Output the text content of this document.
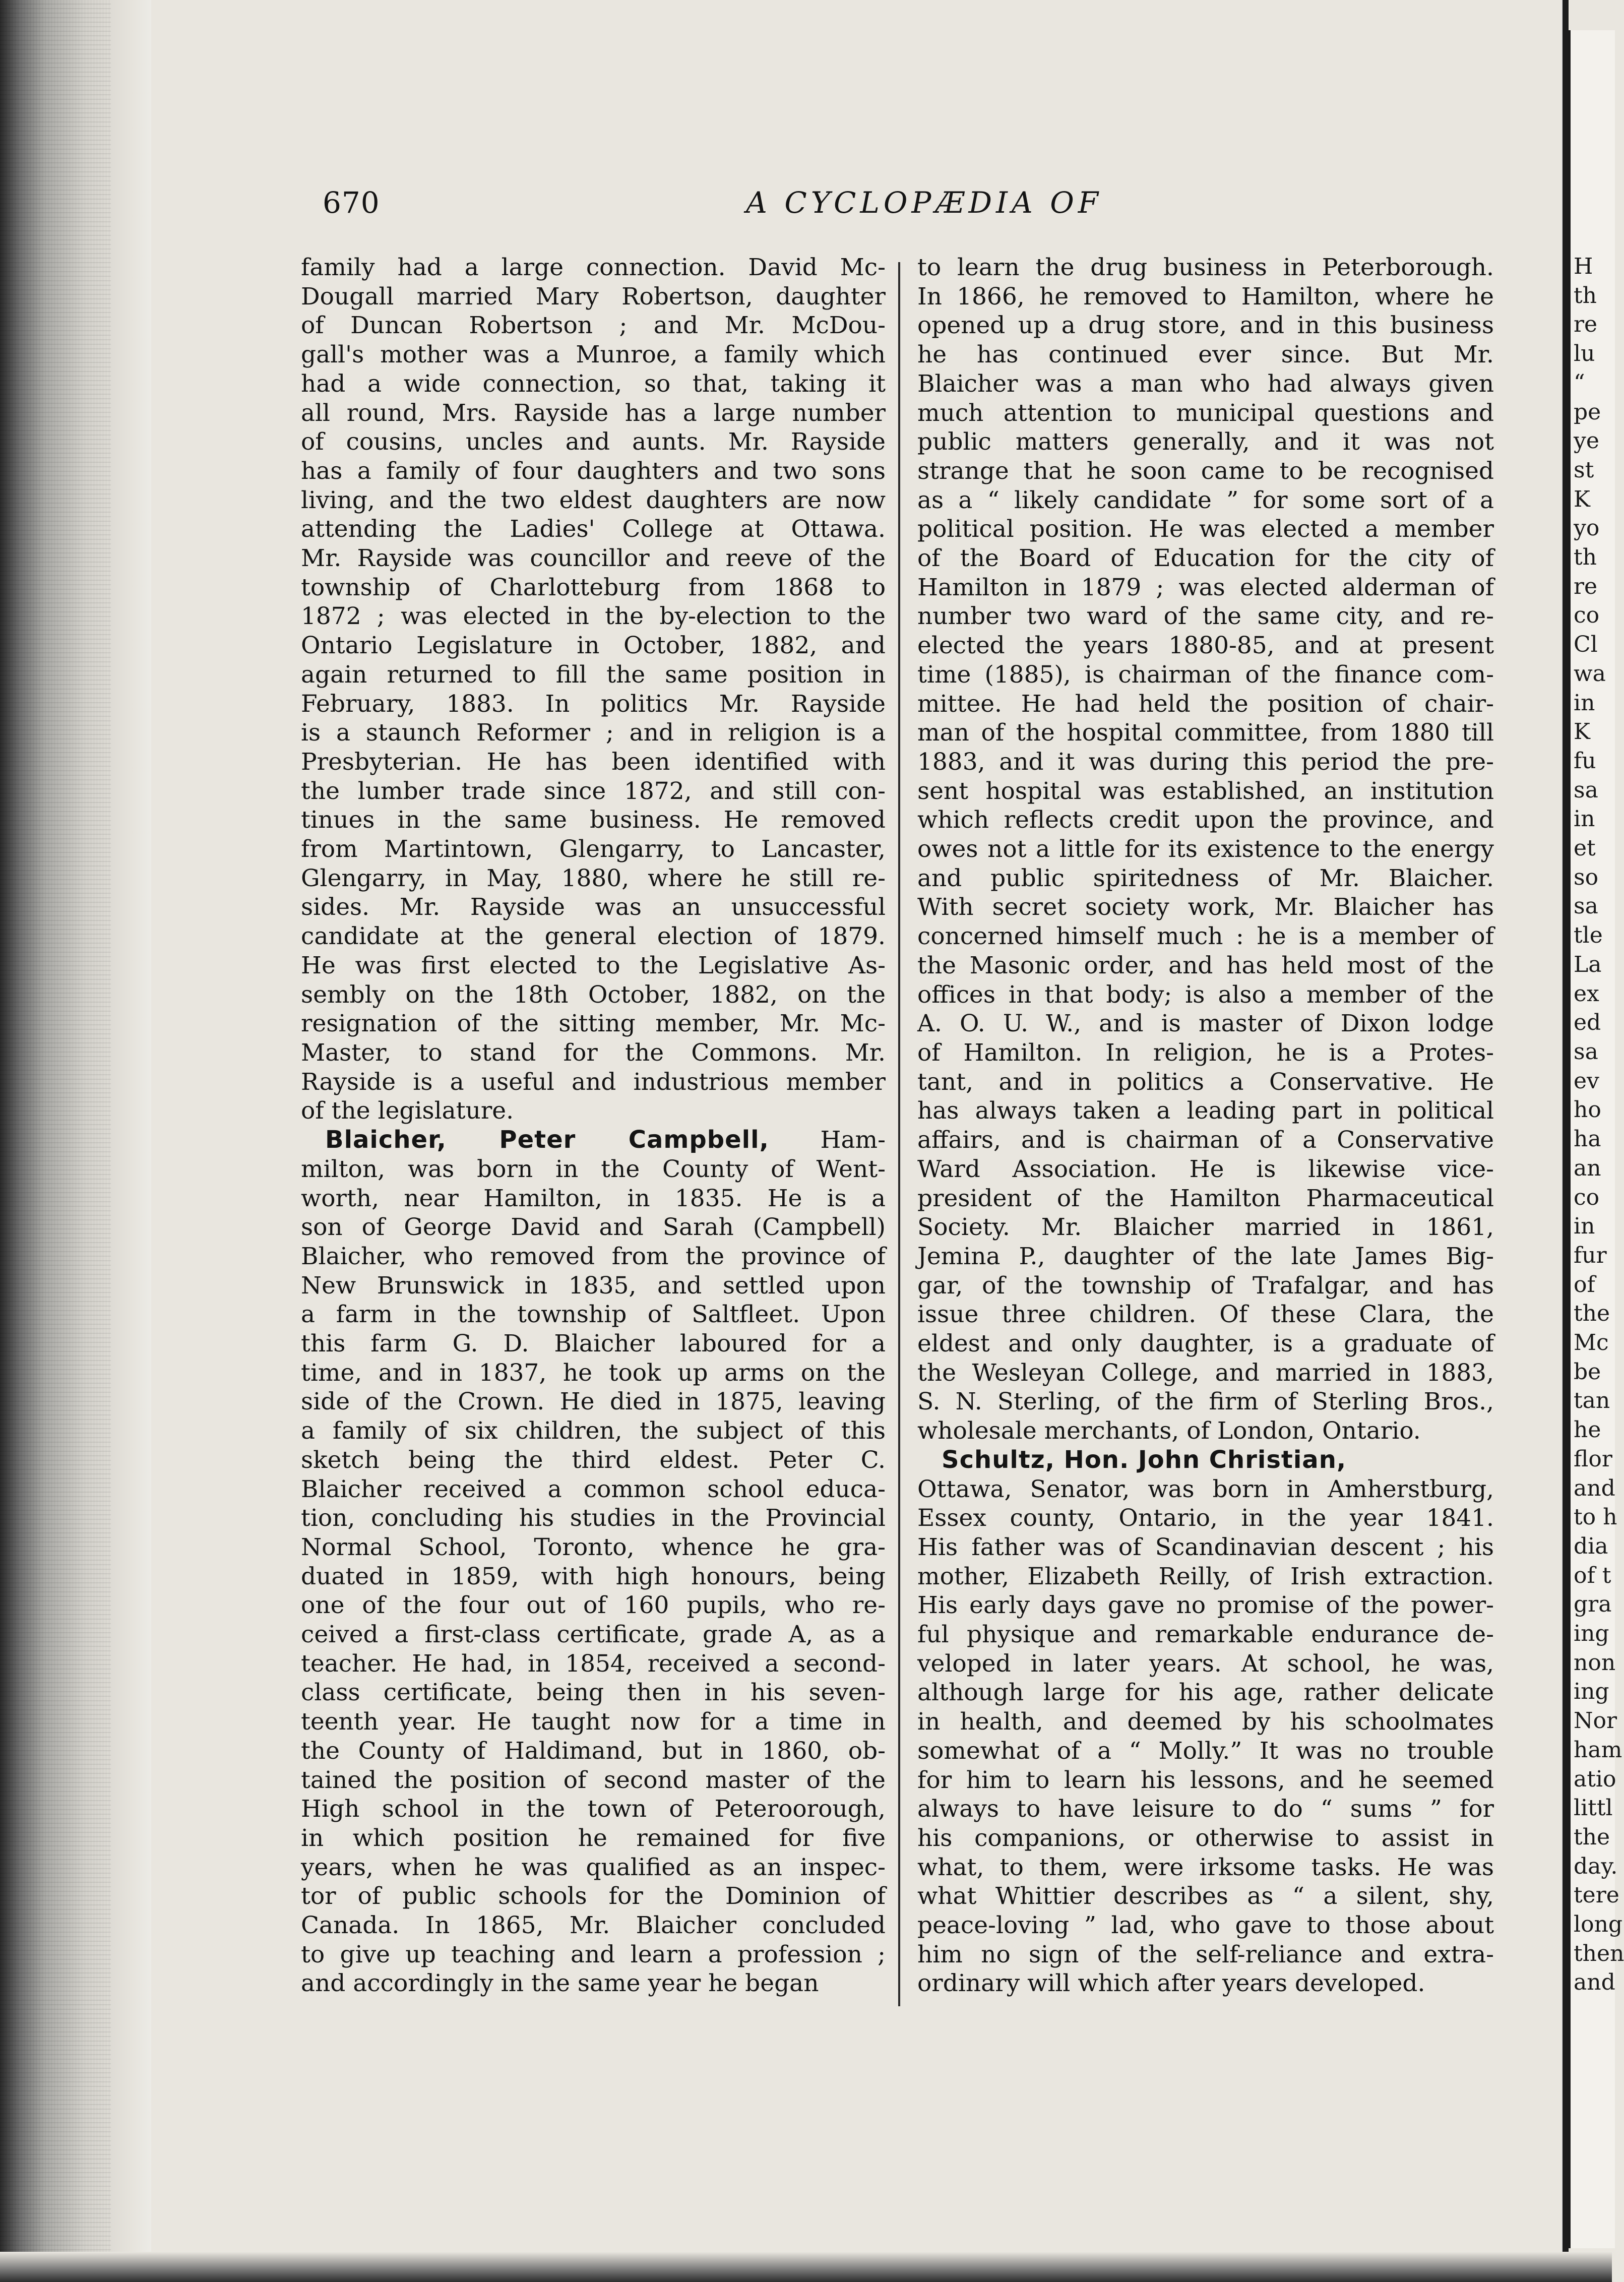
670	A CYCLOPÆDIA OF
family had a large connection. David Mc-
Dougall married Mary Robertson, daughter
of Duncan Robertson ; and Mr. McDou-
gall's mother was a Munroe, a family which
had a wide connection, so that, taking it
all round, Mrs. Rayside has a large number
of cousins, uncles and aunts. Mr. Rayside
has a family of four daughters and two sons
living, and the two eldest daughters are now
attending the Ladies' College at Ottawa.
Mr. Rayside was councillor and reeve of the
township of Charlotteburg from 1868 to
1872 ; was elected in the by-election to the
Ontario Legislature in October, 1882, and
again returned to fill the same position in
February, 1883. In politics Mr. Rayside
is a staunch Reformer ; and in religion is a
Presbyterian. He has been identified with
the lumber trade since 1872, and still con-
tinues in the same business. He removed
from Martintown, Glengarry, to Lancaster,
Glengarry, in May, 1880, where he still re-
sides. Mr. Rayside was an unsuccessful
candidate at the general election of 1879.
He was first elected to the Legislative As-
sembly on the 18th October, 1882, on the
resignation of the sitting member, Mr. Mc-
Master, to stand for the Commons. Mr.
Rayside is a useful and industrious member
of the legislature.
Blaicher, Peter Campbell, Ham-
milton, was born in the County of Went-
worth, near Hamilton, in 1835. He is a
son of George David and Sarah (Campbell)
Blaicher, who removed from the province of
New Brunswick in 1835, and settled upon
a farm in the township of Saltfleet. Upon
this farm G. D. Blaicher laboured for a
time, and in 1837, he took up arms on the
side of the Crown. He died in 1875, leaving
a family of six children, the subject of this
sketch being the third eldest. Peter C.
Blaicher received a common school educa-
tion, concluding his studies in the Provincial
Normal School, Toronto, whence he gra-
duated in 1859, with high honours, being
one of the four out of 160 pupils, who re-
ceived a first-class certificate, grade A, as a
teacher. He had, in 1854, received a second-
class certificate, being then in his seven-
teenth year. He taught now for a time in
the County of Haldimand, but in 1860, ob-
tained the position of second master of the
High school in the town of Peteroorough,
in which position he remained for five
years, when he was qualified as an inspec-
tor of public schools for the Dominion of
Canada. In 1865, Mr. Blaicher concluded
to give up teaching and learn a profession ;
and accordingly in the same year he began
to learn the drug business in Peterborough.
In 1866, he removed to Hamilton, where he
opened up a drug store, and in this business
he has continued ever since. But Mr.
Blaicher was a man who had always given
much attention to municipal questions and
public matters generally, and it was not
strange that he soon came to be recognised
as a “ likely candidate ” for some sort of a
political position. He was elected a member
of the Board of Education for the city of
Hamilton in 1879 ; was elected alderman of
number two ward of the same city, and re-
elected the years 1880-85, and at present
time (1885), is chairman of the finance com-
mittee. He had held the position of chair-
man of the hospital committee, from 1880 till
1883, and it was during this period the pre-
sent hospital was established, an institution
which reflects credit upon the province, and
owes not a little for its existence to the energy
and public spiritedness of Mr. Blaicher.
With secret society work, Mr. Blaicher has
concerned himself much : he is a member of
the Masonic order, and has held most of the
offices in that body; is also a member of the
A. O. U. W., and is master of Dixon lodge
of Hamilton. In religion, he is a Protes-
tant, and in politics a Conservative. He
has always taken a leading part in political
affairs, and is chairman of a Conservative
Ward Association. He is likewise vice-
president of the Hamilton Pharmaceutical
Society. Mr. Blaicher married in 1861,
Jemina P., daughter of the late James Big-
gar, of the township of Trafalgar, and has
issue three children. Of these Clara, the
eldest and only daughter, is a graduate of
the Wesleyan College, and married in 1883,
S. N. Sterling, of the firm of Sterling Bros.,
wholesale merchants, of London, Ontario.
Schultz, Hon. John Christian,
Ottawa, Senator, was born in Amherstburg,
Essex county, Ontario, in the year 1841.
His father was of Scandinavian descent ; his
mother, Elizabeth Reilly, of Irish extraction.
His early days gave no promise of the power-
ful physique and remarkable endurance de-
veloped in later years. At school, he was,
although large for his age, rather delicate
in health, and deemed by his schoolmates
somewhat of a “ Molly.” It was no trouble
for him to learn his lessons, and he seemed
always to have leisure to do “ sums ” for
his companions, or otherwise to assist in
what, to them, were irksome tasks. He was
what Whittier describes as “ a silent, shy,
peace-loving ” lad, who gave to those about
him no sign of the self-reliance and extra-
ordinary will which after years developed.
H
th
re
lu
“
pe
ye
st
K
yo
th
re
co
Cl
wa
in
K
fu
sa
in
et
so
sa
tle
La
ex
ed
sa
ev
ho
ha
an
co
in
fur
of
the
Mc
be
tan
he
flor
and
to h
dia
of t
gra
ing
non
ing
Nor
ham
atio
littl
the
day.
tere
long
then
and
